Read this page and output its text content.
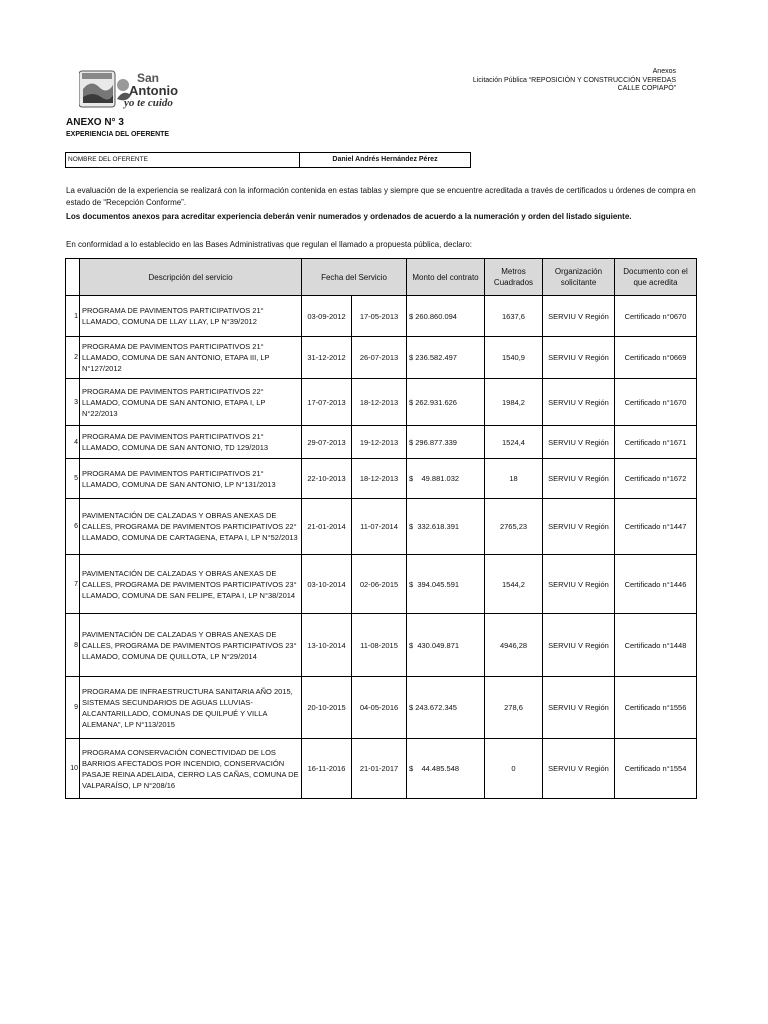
San
Antonio
yo te cuido
Anexos
Licitación Pública “REPOSICIÓN Y CONSTRUCCIÓN VEREDAS
CALLE COPIAPÓ”
ANEXO N° 3
EXPERIENCIA DEL OFERENTE
NOMBRE DEL OFERENTE	Daniel Andrés Hernández Pérez
La evaluación de la experiencia se realizará con la información contenida en estas tablas y siempre que se encuentre acreditada a través de certificados u órdenes de compra en estado de “Recepción Conforme”.
Los documentos anexos para acreditar experiencia deberán venir numerados y ordenados de acuerdo a la numeración y orden del listado siguiente.
En conformidad a lo establecido en las Bases Administrativas que regulan el llamado a propuesta pública, declaro:
	Descripción del servicio	Fecha del Servicio		Monto del contrato	Metros Cuadrados	Organización solicitante	Documento con el que acredita
1	PROGRAMA DE PAVIMENTOS PARTICIPATIVOS 21° LLAMADO, COMUNA DE LLAY LLAY, LP N°39/2012	03-09-2012	17-05-2013	$ 260.860.094	1637,6	SERVIU V Región	Certificado n°0670
2	PROGRAMA DE PAVIMENTOS PARTICIPATIVOS 21° LLAMADO, COMUNA DE SAN ANTONIO, ETAPA III, LP N°127/2012	31-12-2012	26-07-2013	$ 236.582.497	1540,9	SERVIU V Región	Certificado n°0669
3	PROGRAMA DE PAVIMENTOS PARTICIPATIVOS 22° LLAMADO, COMUNA DE SAN ANTONIO, ETAPA I, LP N°22/2013	17-07-2013	18-12-2013	$ 262.931.626	1984,2	SERVIU V Región	Certificado n°1670
4	PROGRAMA DE PAVIMENTOS PARTICIPATIVOS 21° LLAMADO, COMUNA DE SAN ANTONIO, TD 129/2013	29-07-2013	19-12-2013	$ 296.877.339	1524,4	SERVIU V Región	Certificado n°1671
5	PROGRAMA DE PAVIMENTOS PARTICIPATIVOS 21° LLAMADO, COMUNA DE SAN ANTONIO, LP N°131/2013	22-10-2013	18-12-2013	$    49.881.032	18	SERVIU V Región	Certificado n°1672
6	PAVIMENTACIÓN DE CALZADAS Y OBRAS ANEXAS DE CALLES, PROGRAMA DE PAVIMENTOS PARTICIPATIVOS 22° LLAMADO, COMUNA DE CARTAGENA, ETAPA I, LP N°52/2013	21-01-2014	11-07-2014	$  332.618.391	2765,23	SERVIU V Región	Certificado n°1447
7	PAVIMENTACIÓN DE CALZADAS Y OBRAS ANEXAS DE CALLES, PROGRAMA DE PAVIMENTOS PARTICIPATIVOS 23° LLAMADO, COMUNA DE SAN FELIPE, ETAPA I, LP N°38/2014	03-10-2014	02-06-2015	$  394.045.591	1544,2	SERVIU V Región	Certificado n°1446
8	PAVIMENTACIÓN DE CALZADAS Y OBRAS ANEXAS DE CALLES, PROGRAMA DE PAVIMENTOS PARTICIPATIVOS 23° LLAMADO, COMUNA DE QUILLOTA, LP N°29/2014	13-10-2014	11-08-2015	$  430.049.871	4946,28	SERVIU V Región	Certificado n°1448
9	PROGRAMA DE INFRAESTRUCTURA SANITARIA AÑO 2015, SISTEMAS SECUNDARIOS DE AGUAS LLUVIAS-ALCANTARILLADO, COMUNAS DE QUILPUÉ Y VILLA ALEMANA", LP N°113/2015	20-10-2015	04-05-2016	$ 243.672.345	278,6	SERVIU V Región	Certificado n°1556
10	PROGRAMA CONSERVACIÓN CONECTIVIDAD DE LOS BARRIOS AFECTADOS POR INCENDIO, CONSERVACIÓN PASAJE REINA ADELAIDA, CERRO LAS CAÑAS, COMUNA DE VALPARAÍSO, LP N°208/16	16-11-2016	21-01-2017	$    44.485.548	0	SERVIU V Región	Certificado n°1554
